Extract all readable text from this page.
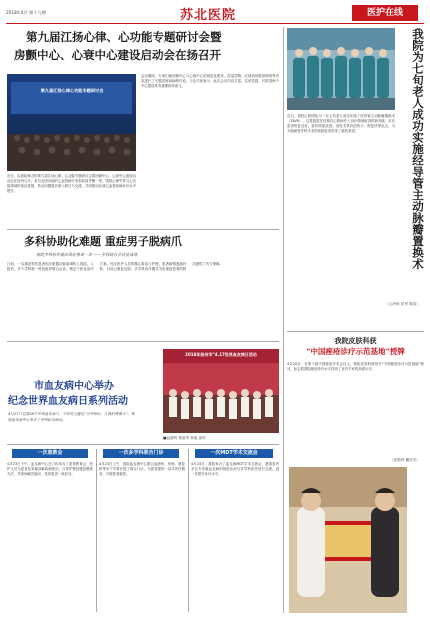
2018年4月 第十九期	苏北医院	医护在线
第九届江扬心律、心功能专题研讨会暨
房颤中心、心衰中心建设启动会在扬召开
第九届江扬心律心功能专题研讨会
近日，由我院承办的第九届江扬心律、心功能专题研讨会暨房颤中心、心衰中心建设启动会在扬州召开。来自全国各地的心血管病专家和同道齐聚一堂，围绕心律失常与心功能领域的前沿进展、热点问题展开深入研讨与交流，共同推动区域心血管疾病诊疗水平提升。
会议期间，专家们就房颤中心与心衰中心的规范化建设、质量控制、区域协同救治网络等内容进行了专题讲座和病例讨论。与会代表表示，此次会议内容丰富、实用性强，对推进两个中心建设具有重要指导意义。
多科协助化难题 重症男子脱病爪
我院多科协作救治重症患者一名 ——多科联合会诊显成效
日前，一名重症男性患者因多脏器功能衰竭转入我院。入院后，多个学科第一时间组织联合会诊，制定个体化治疗方案。经过医护人员的精心救治与护理，患者病情逐渐好转，目前已康复出院。多学科协作模式为危重症患者的救治提供了有力保障。
市血友病中心举办
纪念世界血友病日系列活动
4月17日是第28个世界血友病日，今年的主题是“分享知识，让我们更强大”。我院血友病中心举办了系列纪念活动。
2018年扬州市“4.17世界血友病日活动
■血液科 黄爱华 孙艳 邱杉
一次患教会
4月23日下午，血友病中心在门诊举办了患者教育会，医护人员为患者及家属讲解疾病知识、日常护理及康复锻炼方法，并现场解答疑问，受到患者一致好评。
一次多学科联合门诊
4月23日上午，我院血友病中心联合血液科、骨科、康复科等多个学科开展了联合门诊，为患者提供一站式诊疗服务，方便患者就医。
一次MDT学术交流会
4月24日，我院举办了血友病MDT学术交流会，邀请省内多位专家就血友病的规范诊治与多学科协作进行交流，进一步提升诊疗水平。
我院为七旬老人成功实施经导管主动脉瓣置换术
近日，我院心脏团队为一位七旬老人成功实施了经导管主动脉瓣置换术（TAVR），这是我院在结构性心脏病介入治疗领域取得的新突破。术后患者恢复良好，症状明显改善。该技术具有创伤小、恢复快等优点，为不能耐受外科手术的高龄患者带来了新的希望。
（心内科 纪军 陈浩）
我院皮肤科获
“中国痤疮诊疗示范基地”授牌
4月20日，在第十届中国痤疮学术会议上，我院皮肤科被授予“中国痤疮诊疗示范基地”称号，标志着我院痤疮诊疗水平得到了业内专家的高度认可。
（皮肤科 戴东平）
